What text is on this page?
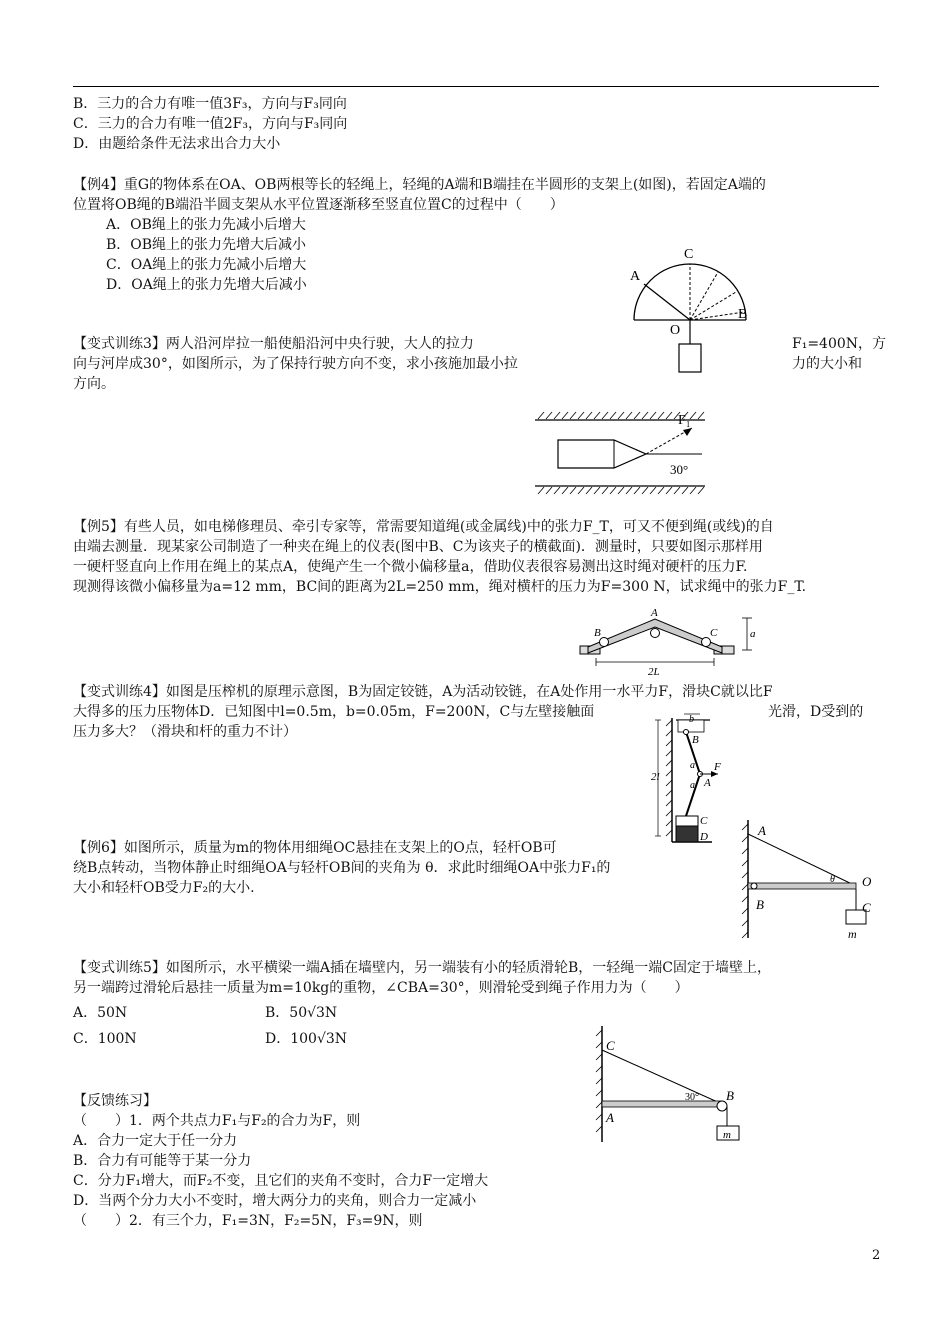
B．三力的合力有唯一值3F₃，方向与F₃同向
C．三力的合力有唯一值2F₃，方向与F₃同向
D．由题给条件无法求出合力大小
【例4】重G的物体系在OA、OB两根等长的轻绳上，轻绳的A端和B端挂在半圆形的支架上(如图)，若固定A端的
位置将OB绳的B端沿半圆支架从水平位置逐渐移至竖直位置C的过程中（　　）
A．OB绳上的张力先减小后增大
B．OB绳上的张力先增大后减小
C．OA绳上的张力先减小后增大
D．OA绳上的张力先增大后减小
C
A
O
B
【变式训练3】两人沿河岸拉一船使船沿河中央行驶，大人的拉力	F₁=400N，方
向与河岸成30°，如图所示，为了保持行驶方向不变，求小孩施加最小拉	力的大小和
方向。
F₁
30°
【例5】有些人员，如电梯修理员、牵引专家等，常需要知道绳(或金属线)中的张力F_T，可又不便到绳(或线)的自
由端去测量．现某家公司制造了一种夹在绳上的仪表(图中B、C为该夹子的横截面)．测量时，只要如图示那样用
一硬杆竖直向上作用在绳上的某点A，使绳产生一个微小偏移量a，借助仪表很容易测出这时绳对硬杆的压力F.
现测得该微小偏移量为a=12 mm，BC间的距离为2L=250 mm，绳对横杆的压力为F=300 N，试求绳中的张力F_T.
A
B	C	a
2L
【变式训练4】如图是压榨机的原理示意图，B为固定铰链，A为活动铰链，在A处作用一水平力F，滑块C就以比F
大得多的压力压物体D．已知图中l=0.5m，b=0.05m，F=200N，C与左壁接触面	光滑，D受到的
压力多大？（滑块和杆的重力不计）
b
B
2l
a
a
F
A
C
D
【例6】如图所示，质量为m的物体用细绳OC悬挂在支架上的O点，轻杆OB可
绕B点转动，当物体静止时细绳OA与轻杆OB间的夹角为 θ．求此时细绳OA中张力F₁的
大小和轻杆OB受力F₂的大小.
A
θ O
B	C
m
【变式训练5】如图所示，水平横梁一端A插在墙壁内，另一端装有小的轻质滑轮B，一轻绳一端C固定于墙壁上，
另一端跨过滑轮后悬挂一质量为m=10kg的重物，∠CBA=30°，则滑轮受到绳子作用力为（　　）
A．50N	B．50√3N
C．100N	D．100√3N	C
30° B
A
m
【反馈练习】
（　　）1．两个共点力F₁与F₂的合力为F，则
A．合力一定大于任一分力
B．合力有可能等于某一分力
C．分力F₁增大，而F₂不变，且它们的夹角不变时，合力F一定增大
D．当两个分力大小不变时，增大两分力的夹角，则合力一定减小
（　　）2．有三个力，F₁=3N，F₂=5N，F₃=9N，则
2
